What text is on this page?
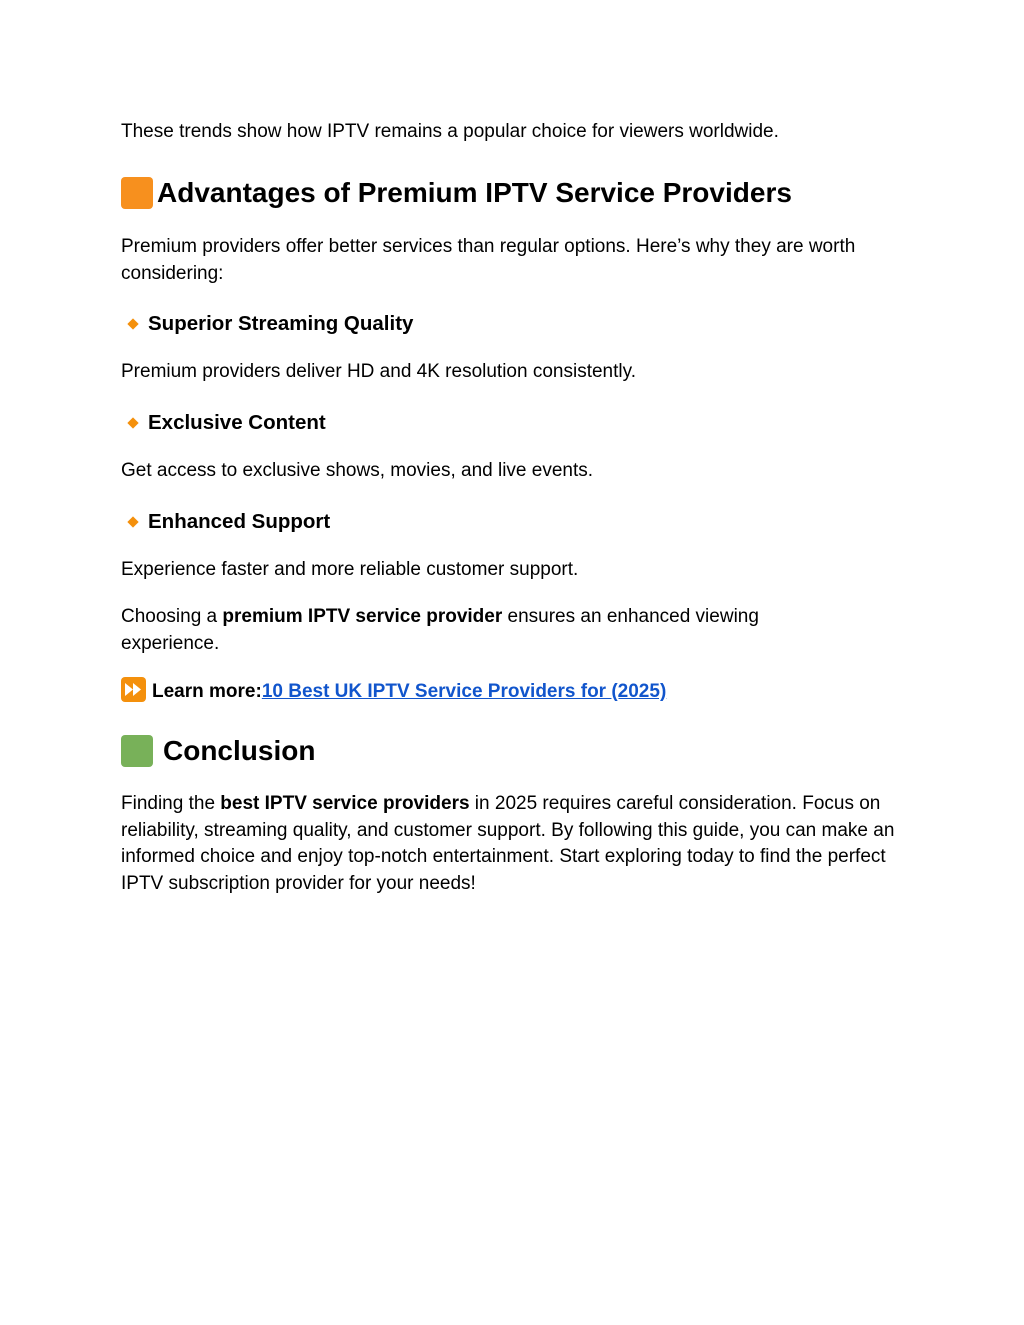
These trends show how IPTV remains a popular choice for viewers worldwide.

Advantages of Premium IPTV Service Providers

Premium providers offer better services than regular options. Here’s why they are worth considering:

Superior Streaming Quality

Premium providers deliver HD and 4K resolution consistently.

Exclusive Content

Get access to exclusive shows, movies, and live events.

Enhanced Support

Experience faster and more reliable customer support.

Choosing a premium IPTV service provider ensures an enhanced viewing experience.

Learn more:10 Best UK IPTV Service Providers for (2025)

Conclusion

Finding the best IPTV service providers in 2025 requires careful consideration. Focus on reliability, streaming quality, and customer support. By following this guide, you can make an informed choice and enjoy top-notch entertainment. Start exploring today to find the perfect IPTV subscription provider for your needs!
